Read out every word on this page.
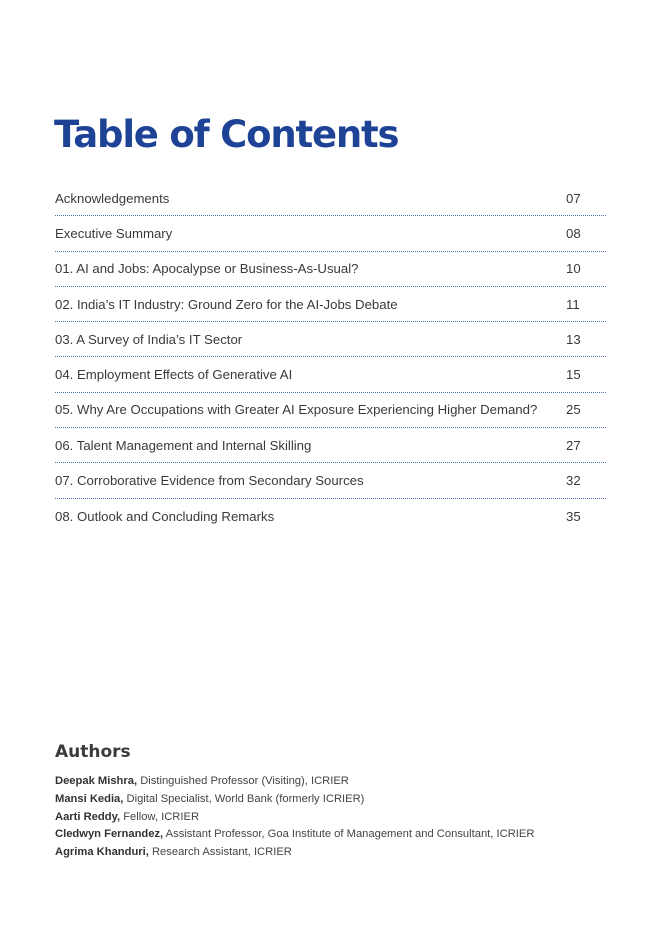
Table of Contents
Acknowledgements	07
Executive Summary	08
01. AI and Jobs: Apocalypse or Business-As-Usual?	10
02. India’s IT Industry: Ground Zero for the AI-Jobs Debate	11
03. A Survey of India’s IT Sector	13
04. Employment Effects of Generative AI	15
05. Why Are Occupations with Greater AI Exposure Experiencing Higher Demand?	25
06. Talent Management and Internal Skilling	27
07. Corroborative Evidence from Secondary Sources	32
08. Outlook and Concluding Remarks	35
Authors
Deepak Mishra, Distinguished Professor (Visiting), ICRIER
Mansi Kedia, Digital Specialist, World Bank (formerly ICRIER)
Aarti Reddy, Fellow, ICRIER
Cledwyn Fernandez, Assistant Professor, Goa Institute of Management and Consultant, ICRIER
Agrima Khanduri, Research Assistant, ICRIER
